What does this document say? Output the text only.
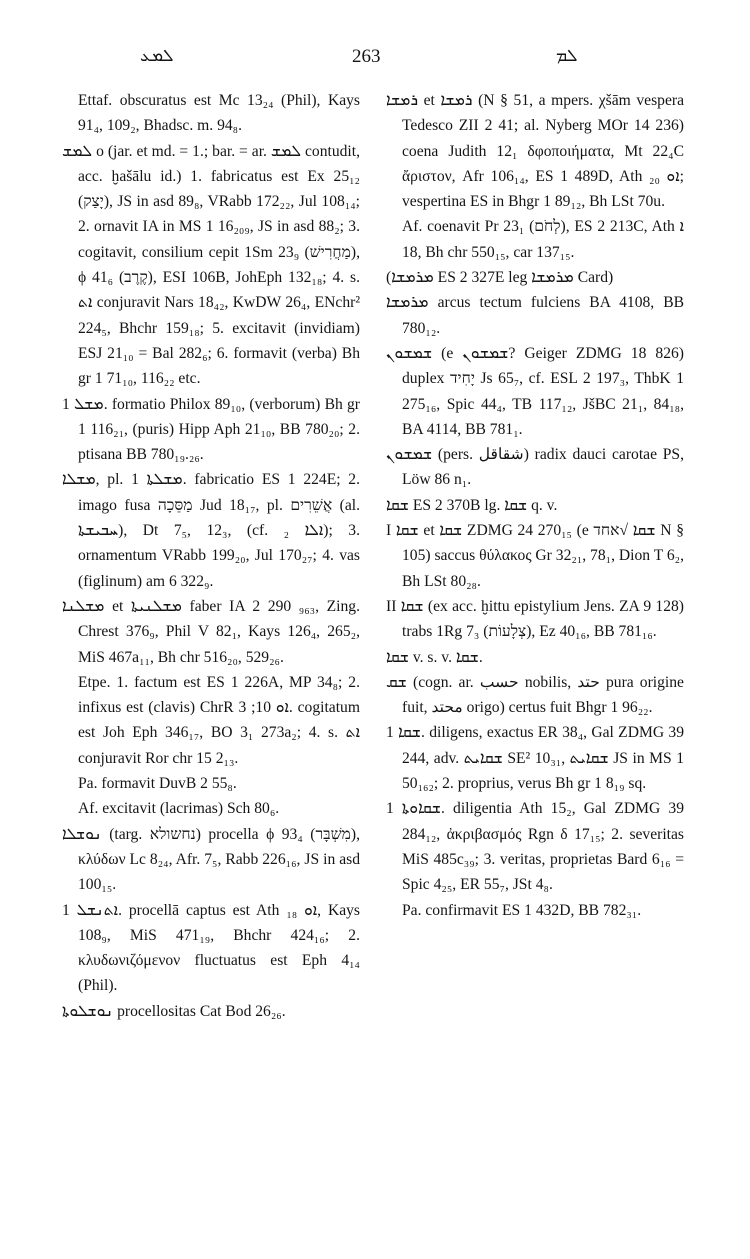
ܠܡܥ	263	ܠܡ

Ettaf. obscuratus est Mc 13₂₄ (Phil), Kays 91₄, 109₂, Bhadsc. m. 94₈.

ܠܡܫ o (jar. et md. = 1.; bar. = ar. ܠܡܫ contudit, acc. ḫašālu id.) 1. fabricatus est Ex 25₁₂ (יָצַק), JS in asd 89₈, VRabb 172₂₂, Jul 108₁₄; 2. ornavit IA in MS 1 16₂₀₉, JS in asd 88₂; 3. cogitavit, consilium cepit 1Sm 23₉ (מַחֲרִישׁ), ϕ 41₆ (קֶרֶב), ESI 106B, JohEph 132₁₈; 4. s. ܐܬ conjuravit Nars 18₄₂, KwDW 26₄, ENchr² 224₅, Bhchr 159₁₈; 5. excitavit (invidiam) ESJ 21₁₀ = Bal 282₆; 6. formavit (verba) Bh gr 1 71₁₀, 116₂₂ etc.

ܡܫܠ 1. formatio Philox 89₁₀, (verborum) Bh gr 1 116₂₁, (puris) Hipp Aph 21₁₀, BB 780₂₀; 2. ptisana BB 780₁₉.₂₆.

ܡܫܠܐ, pl. ܡܫܠܬܐ 1. fabricatio ES 1 224E; 2. imago fusa מַסֵּכָה Jud 18₁₇, pl. אֲשֵׁרִים (al. ܚܒܝܫܬܐ), Dt 7₅, 12₃, (cf. ܐܠܐ ₂); 3. ornamentum VRabb 199₂₀, Jul 170₂₇; 4. vas (figlinum) am 6 322₉.

ܡܫܠܢܐ et ܡܫܠܢܝܬܐ faber IA 2 290 ₉₆₃, Zing. Chrest 376₉, Phil V 82₁, Kays 126₄, 265₂, MiS 467a₁₁, Bh chr 516₂₀, 529₂₆.

Etpe. 1. factum est ES 1 226A, MP 34₈; 2. infixus est (clavis) ChrR ܐܘ 10; 3. cogitatum est Joh Eph 346₁₇, BO 3₁ 273a₂; 4. s. ܐܬ conjuravit Ror chr 15 2₁₃.

Pa. formavit DuvB 2 55₈.

Af. excitavit (lacrimas) Sch 80₆.

ܢܘܫܠܐ (targ. נחשולא) procella ϕ 93₄ (מִשְׁבָּר), κλύδων Lc 8₂₄, Afr. 7₅, Rabb 226₁₆, JS in asd 100₁₅.

ܐܬܢܫܠ 1. procellā captus est Ath ܐܘ ₁₈, Kays 108₉, MiS 471₁₉, Bhchr 424₁₆; 2. κλυδωνιζόμενον fluctuatus est Eph 4₁₄ (Phil).

ܢܘܫܠܘܬܐ procellositas Cat Bod 26₂₆.

ܪܡܫܐ et ܪܡܫܐ (N § 51, a mpers. χšām vespera Tedesco ZII 2 41; al. Nyberg MOr 14 236) coena Judith 12₁ δφοποιήματα, Mt 22₄C ἄριστον, Afr 106₁₄, ES 1 489D, Ath ܐܘ ₂₀; vespertina ES in Bhgr 1 89₁₂, Bh LSt 70u.

Af. coenavit Pr 23₁ (לְחֹם), ES 2 213C, Ath ܐ 18, Bh chr 550₁₅, car 137₁₅.

(ܡܪܡܫܐ ES 2 327E leg ܡܪܡܫܐ Card)

ܡܪܡܫܐ arcus tectum fulciens BA 4108, BB 780₁₂.

ܫܡܫܘܢ (e ܫܡܫܘܢ? Geiger ZDMG 18 826) duplex יָחִיד Js 65₇, cf. ESL 2 197₃, ThbK 1 275₁₆, Spic 44₄, TB 117₁₂, JšBC 21₁, 84₁₈, BA 4114, BB 781₁.

ܫܡܫܘܢ (pers. شقاقل) radix dauci carotae PS, Löw 86 n₁.

ܫܩܐ ES 2 370B lg. ܫܩܐ q. v.

I ܫܩܐ et ܫܩܐ ZDMG 24 270₁₅ (e ܫܩܐ √אחד N § 105) saccus θύλακος Gr 32₂₁, 78₁, Dion T 6₂, Bh LSt 80₂₈.

II ܫܩܐ (ex acc. ḫittu epistylium Jens. ZA 9 128) trabs 1Rg 7₃ (צְלָעוֹת), Ez 40₁₆, BB 781₁₆.

ܫܩܐ v. s. v. ܫܩܐ.

ܫܩ (cogn. ar. حسب nobilis, حتد pura origine fuit, محتد origo) certus fuit Bhgr 1 96₂₂.

ܫܩܐ 1. diligens, exactus ER 38₄, Gal ZDMG 39 244, adv. ܫܩܐܝܬ SE² 10₃₁, ܫܩܐܝܬ JS in MS 1 50₁₆₂; 2. proprius, verus Bh gr 1 8₁₉ sq.

ܫܩܐܘܬܐ 1. diligentia Ath 15₂, Gal ZDMG 39 284₁₂, ἀκριβασμός Rgn δ 17₁₅; 2. severitas MiS 485c₃₉; 3. veritas, proprietas Bard 6₁₆ = Spic 4₂₅, ER 55₇, JSt 4₈.

Pa. confirmavit ES 1 432D, BB 782₃₁.
